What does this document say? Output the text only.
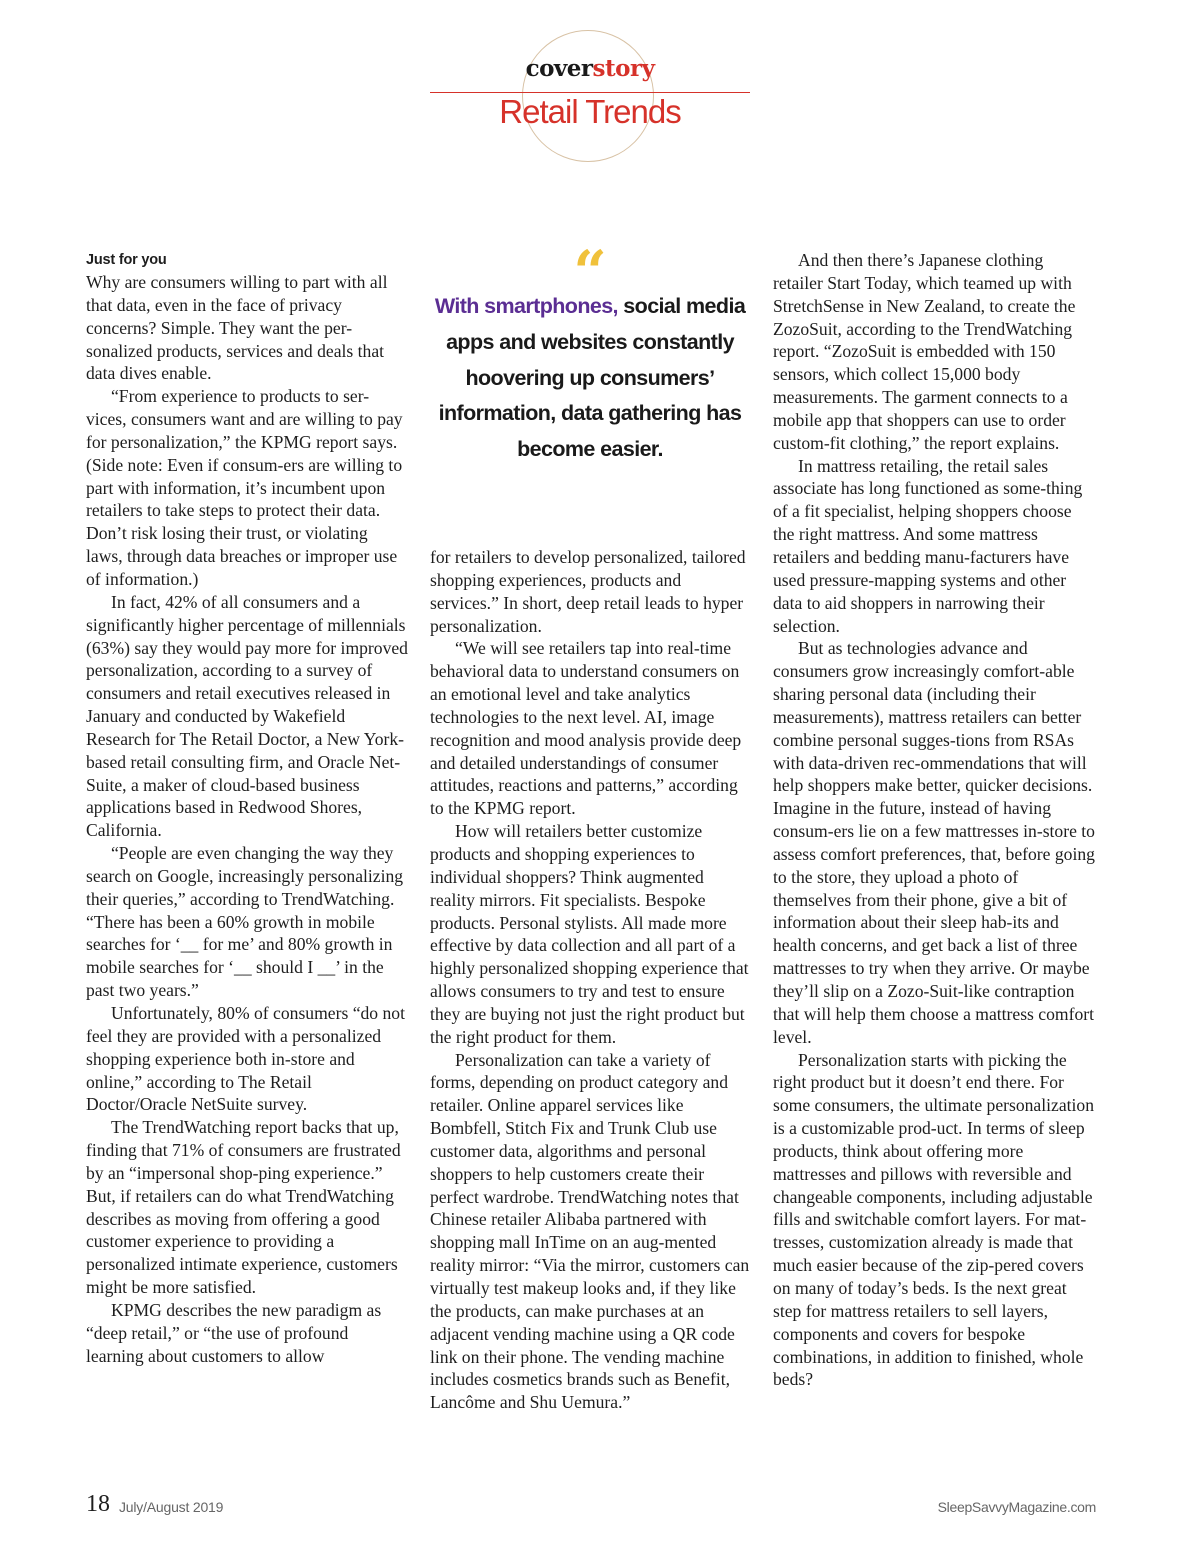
coverstory
Retail Trends
Just for you

Why are consumers willing to part with all that data, even in the face of privacy concerns? Simple. They want the per-sonalized products, services and deals that data dives enable.

“From experience to products to ser-vices, consumers want and are willing to pay for personalization,” the KPMG report says. (Side note: Even if consum-ers are willing to part with information, it’s incumbent upon retailers to take steps to protect their data. Don’t risk losing their trust, or violating laws, through data breaches or improper use of information.)

In fact, 42% of all consumers and a significantly higher percentage of millennials (63%) say they would pay more for improved personalization, according to a survey of consumers and retail executives released in January and conducted by Wakefield Research for The Retail Doctor, a New York-based retail consulting firm, and Oracle Net-Suite, a maker of cloud-based business applications based in Redwood Shores, California.

“People are even changing the way they search on Google, increasingly personalizing their queries,” according to TrendWatching. “There has been a 60% growth in mobile searches for ‘__ for me’ and 80% growth in mobile searches for ‘__ should I __’ in the past two years.”

Unfortunately, 80% of consumers “do not feel they are provided with a personalized shopping experience both in-store and online,” according to The Retail Doctor/Oracle NetSuite survey.

The TrendWatching report backs that up, finding that 71% of consumers are frustrated by an “impersonal shop-ping experience.” But, if retailers can do what TrendWatching describes as moving from offering a good customer experience to providing a personalized intimate experience, customers might be more satisfied.

KPMG describes the new paradigm as “deep retail,” or “the use of profound learning about customers to allow

“
With smartphones, social media apps and websites constantly hoovering up consumers’ information, data gathering has become easier.

for retailers to develop personalized, tailored shopping experiences, products and services.” In short, deep retail leads to hyper personalization.

“We will see retailers tap into real-time behavioral data to understand consumers on an emotional level and take analytics technologies to the next level. AI, image recognition and mood analysis provide deep and detailed understandings of consumer attitudes, reactions and patterns,” according to the KPMG report.

How will retailers better customize products and shopping experiences to individual shoppers? Think augmented reality mirrors. Fit specialists. Bespoke products. Personal stylists. All made more effective by data collection and all part of a highly personalized shopping experience that allows consumers to try and test to ensure they are buying not just the right product but the right product for them.

Personalization can take a variety of forms, depending on product category and retailer. Online apparel services like Bombfell, Stitch Fix and Trunk Club use customer data, algorithms and personal shoppers to help customers create their perfect wardrobe. TrendWatching notes that Chinese retailer Alibaba partnered with shopping mall InTime on an aug-mented reality mirror: “Via the mirror, customers can virtually test makeup looks and, if they like the products, can make purchases at an adjacent vending machine using a QR code link on their phone. The vending machine includes cosmetics brands such as Benefit, Lancôme and Shu Uemura.”

And then there’s Japanese clothing retailer Start Today, which teamed up with StretchSense in New Zealand, to create the ZozoSuit, according to the TrendWatching report. “ZozoSuit is embedded with 150 sensors, which collect 15,000 body measurements. The garment connects to a mobile app that shoppers can use to order custom-fit clothing,” the report explains.

In mattress retailing, the retail sales associate has long functioned as some-thing of a fit specialist, helping shoppers choose the right mattress. And some mattress retailers and bedding manu-facturers have used pressure-mapping systems and other data to aid shoppers in narrowing their selection.

But as technologies advance and consumers grow increasingly comfort-able sharing personal data (including their measurements), mattress retailers can better combine personal sugges-tions from RSAs with data-driven rec-ommendations that will help shoppers make better, quicker decisions. Imagine in the future, instead of having consum-ers lie on a few mattresses in-store to assess comfort preferences, that, before going to the store, they upload a photo of themselves from their phone, give a bit of information about their sleep hab-its and health concerns, and get back a list of three mattresses to try when they arrive. Or maybe they’ll slip on a Zozo-Suit-like contraption that will help them choose a mattress comfort level.

Personalization starts with picking the right product but it doesn’t end there. For some consumers, the ultimate personalization is a customizable prod-uct. In terms of sleep products, think about offering more mattresses and pillows with reversible and changeable components, including adjustable fills and switchable comfort layers. For mat-tresses, customization already is made that much easier because of the zip-pered covers on many of today’s beds. Is the next great step for mattress retailers to sell layers, components and covers for bespoke combinations, in addition to finished, whole beds?

18 July/August 2019	SleepSavvyMagazine.com
